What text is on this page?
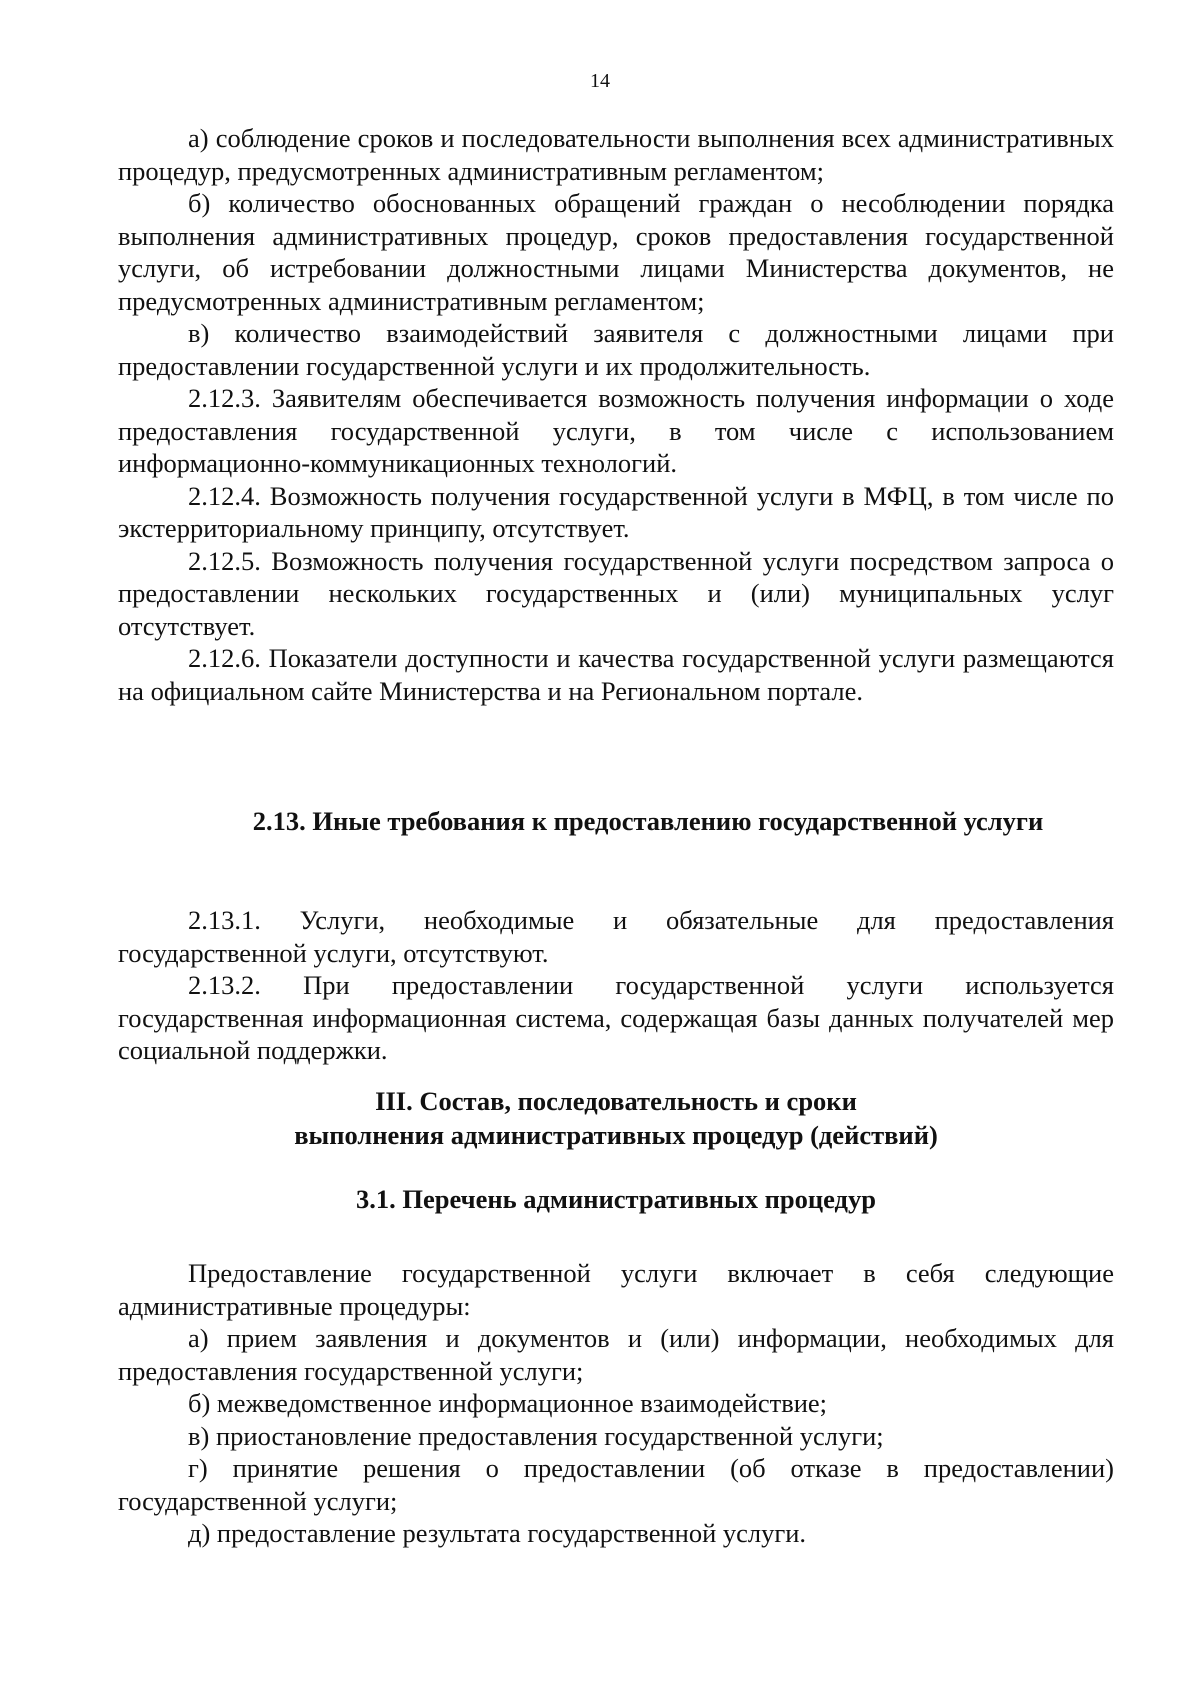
14

а) соблюдение сроков и последовательности выполнения всех административных процедур, предусмотренных административным регламентом;
б) количество обоснованных обращений граждан о несоблюдении порядка выполнения административных процедур, сроков предоставления государственной услуги, об истребовании должностными лицами Министерства документов, не предусмотренных административным регламентом;
в) количество взаимодействий заявителя с должностными лицами при предоставлении государственной услуги и их продолжительность.
2.12.3. Заявителям обеспечивается возможность получения информации о ходе предоставления государственной услуги, в том числе с использованием информационно-коммуникационных технологий.
2.12.4. Возможность получения государственной услуги в МФЦ, в том числе по экстерриториальному принципу, отсутствует.
2.12.5. Возможность получения государственной услуги посредством запроса о предоставлении нескольких государственных и (или) муниципальных услуг отсутствует.
2.12.6. Показатели доступности и качества государственной услуги размещаются на официальном сайте Министерства и на Региональном портале.
2.13. Иные требования к предоставлению государственной услуги
2.13.1. Услуги, необходимые и обязательные для предоставления государственной услуги, отсутствуют.
2.13.2. При предоставлении государственной услуги используется государственная информационная система, содержащая базы данных получателей мер социальной поддержки.
III. Состав, последовательность и сроки
выполнения административных процедур (действий)
3.1. Перечень административных процедур
Предоставление государственной услуги включает в себя следующие административные процедуры:
а) прием заявления и документов и (или) информации, необходимых для предоставления государственной услуги;
б) межведомственное информационное взаимодействие;
в) приостановление предоставления государственной услуги;
г) принятие решения о предоставлении (об отказе в предоставлении) государственной услуги;
д) предоставление результата государственной услуги.
